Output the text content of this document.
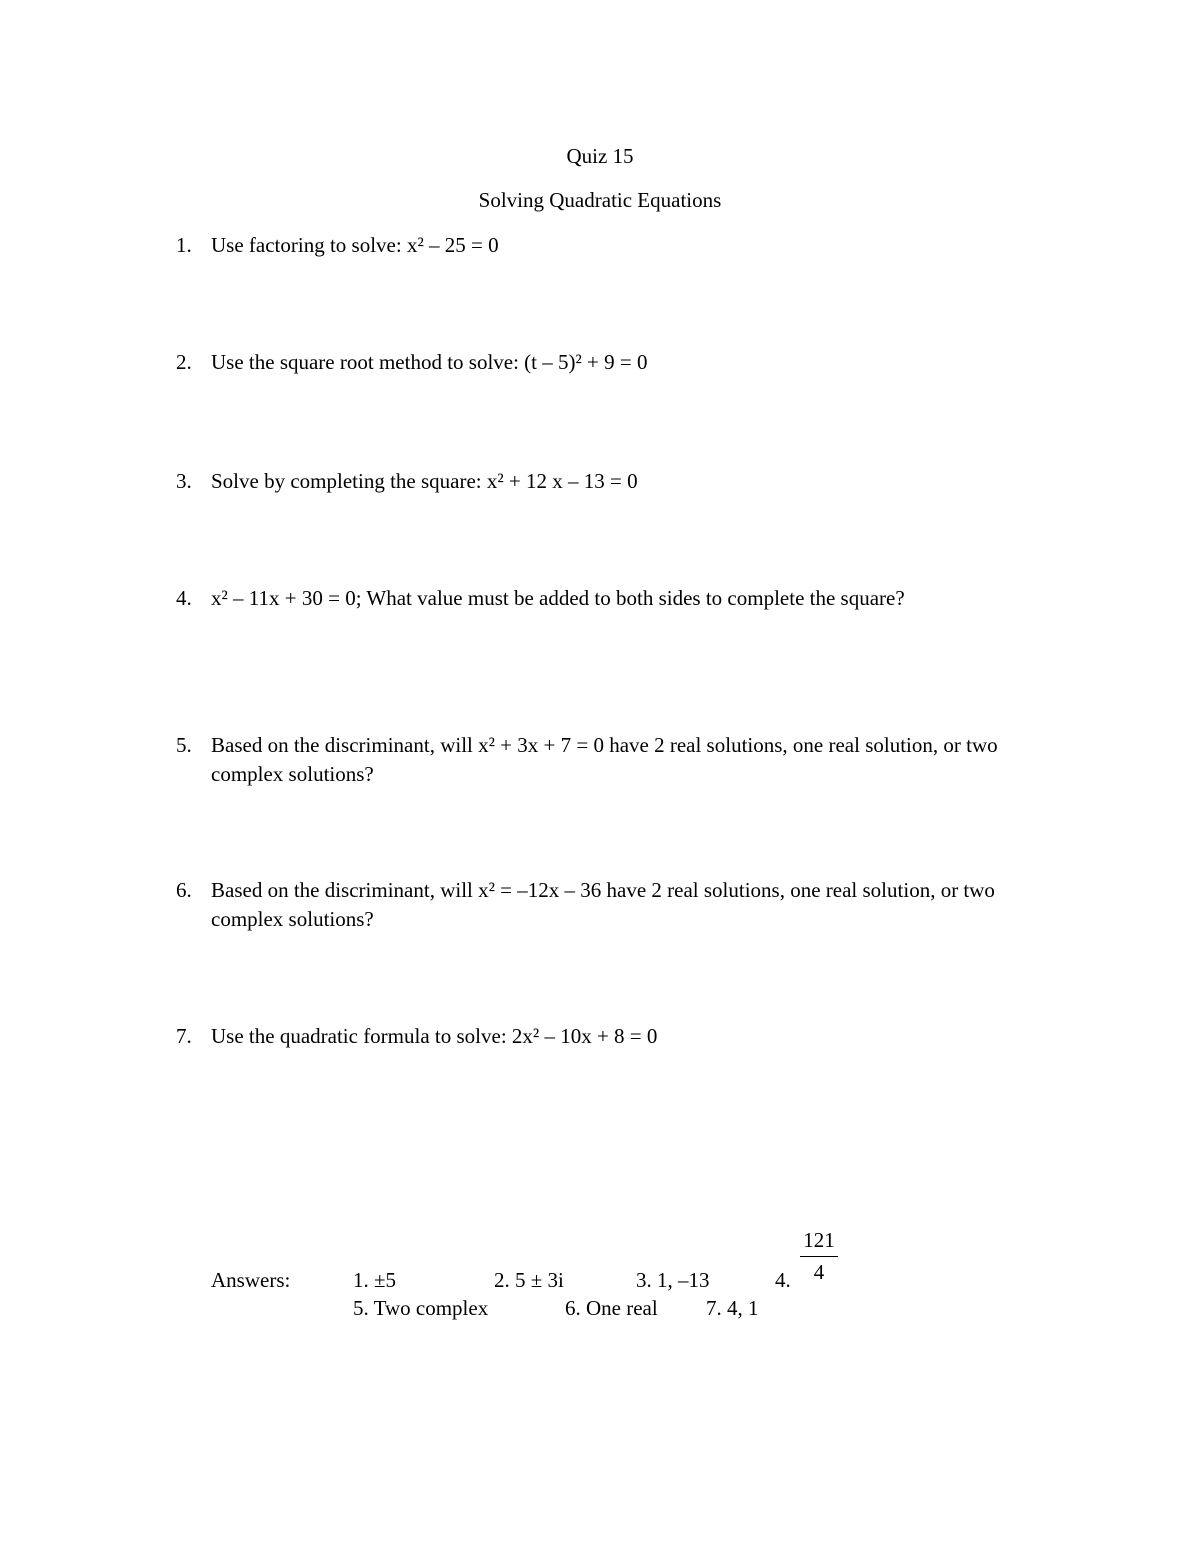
Quiz 15
Solving Quadratic Equations
1. Use factoring to solve: x² – 25 = 0
2. Use the square root method to solve: (t – 5)² + 9 = 0
3. Solve by completing the square: x² + 12 x – 13 = 0
4. x² – 11x + 30 = 0; What value must be added to both sides to complete the square?
5. Based on the discriminant, will x² + 3x + 7 = 0 have 2 real solutions, one real solution, or two complex solutions?
6. Based on the discriminant, will x² = –12x – 36 have 2 real solutions, one real solution, or two complex solutions?
7. Use the quadratic formula to solve: 2x² – 10x + 8 = 0
Answers:	1. ±5	2. 5 ± 3i	3. 1, –13	4. $\frac{121}{4}$
5. Two complex	6. One real 7. 4, 1
